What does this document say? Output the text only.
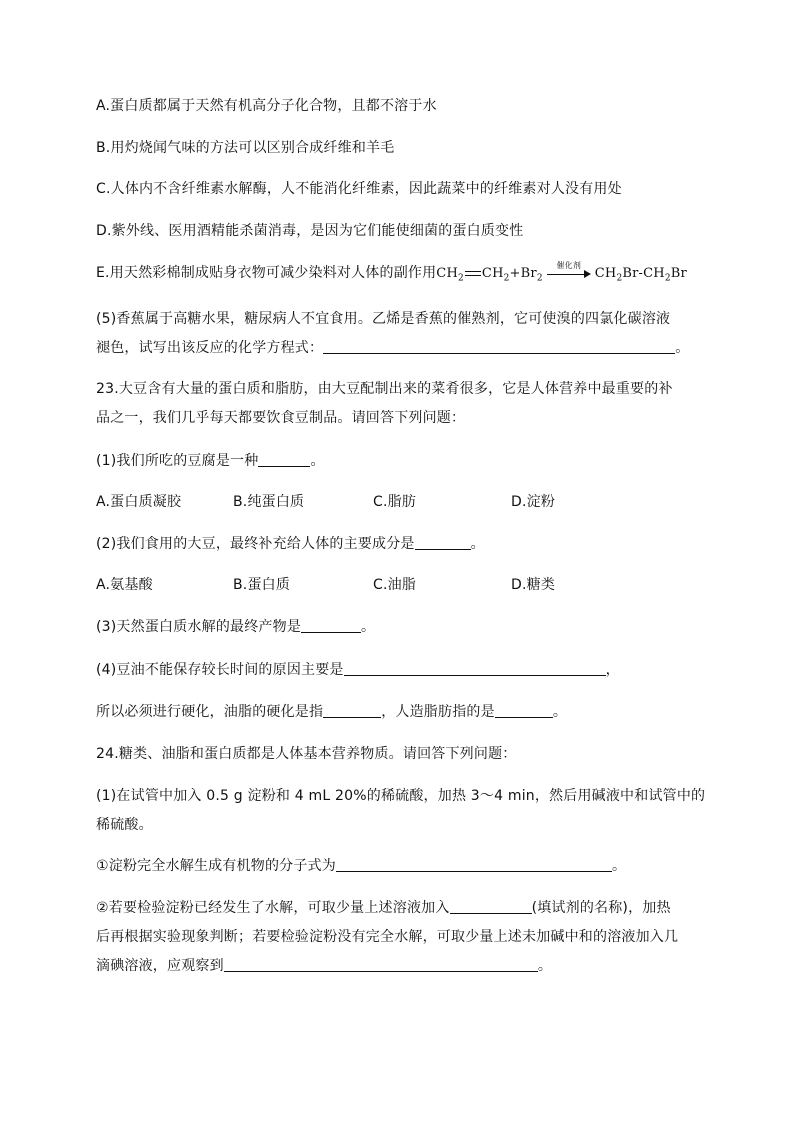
A.蛋白质都属于天然有机高分子化合物，且都不溶于水

B.用灼烧闻气味的方法可以区别合成纤维和羊毛

C.人体内不含纤维素水解酶，人不能消化纤维素，因此蔬菜中的纤维素对人没有用处

D.紫外线、医用酒精能杀菌消毒，是因为它们能使细菌的蛋白质变性

E.用天然彩棉制成贴身衣物可减少染料对人体的副作用$CH_2$ $CH_2+Br_2$
催化剂
$CH_2Br-CH_2Br$

(5)香蕉属于高糖水果，糖尿病人不宜食用。乙烯是香蕉的催熟剂，它可使溴的四氯化碳溶液

褪色，试写出该反应的化学方程式：	。

23.大豆含有大量的蛋白质和脂肪，由大豆配制出来的菜肴很多，它是人体营养中最重要的补

品之一，我们几乎每天都要饮食豆制品。请回答下列问题：

(1)我们所吃的豆腐是一种	。

A.蛋白质凝胶	B.纯蛋白质	C.脂肪	D.淀粉

(2)我们食用的大豆，最终补充给人体的主要成分是	。

A.氨基酸	B.蛋白质	C.油脂	D.糖类

(3)天然蛋白质水解的最终产物是	。

(4)豆油不能保存较长时间的原因主要是	，

所以必须进行硬化，油脂的硬化是指	，人造脂肪指的是	。

24.糖类、油脂和蛋白质都是人体基本营养物质。请回答下列问题：

(1)在试管中加入 0.5 g 淀粉和 4 mL 20%的稀硫酸，加热 3～4 min，然后用碱液中和试管中的

稀硫酸。

①淀粉完全水解生成有机物的分子式为	。

②若要检验淀粉已经发生了水解，可取少量上述溶液加入	(填试剂的名称)，加热

后再根据实验现象判断；若要检验淀粉没有完全水解，可取少量上述未加碱中和的溶液加入几

滴碘溶液，应观察到	。
